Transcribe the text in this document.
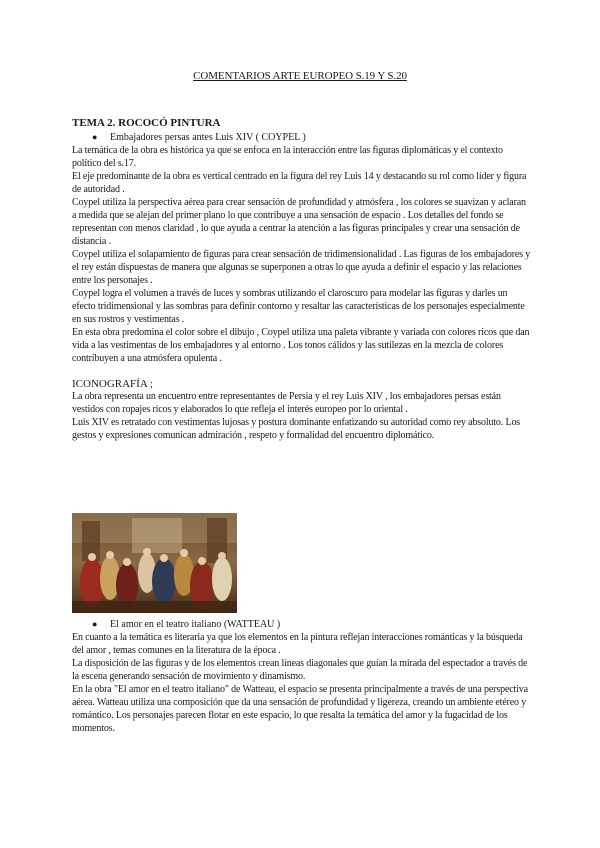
COMENTARIOS ARTE EUROPEO S.19 Y S.20
TEMA 2. ROCOCÓ PINTURA
● Embajadores persas antes Luis XIV ( COYPEL )

La temática de la obra es histórica ya que se enfoca en la interacción entre las figuras diplomáticas y el contexto político del s.17.

El eje predominante de la obra es vertical centrado en la figura del rey Luis 14 y destacando su rol como líder y figura de autoridad .

Coypel utiliza la perspectiva aérea para crear sensación de profundidad y atmósfera , los colores se suavizan y aclaran a medida que se alejan del primer plano lo que contribuye a una sensación de espacio . Los detalles del fondo se representan con menos claridad , lo que ayuda a centrar la atención a las figuras principales y crear una sensación de distancia .

Coypel utiliza el solapamiento de figuras para crear sensación de tridimensionalidad . Las figuras de los embajadores y el rey están dispuestas de manera que algunas se superponen a otras lo que ayuda a definir el espacio y las relaciones entre los personajes .

Coypel logra el volumen a través de luces y sombras utilizando el claroscuro para modelar las figuras y darles un efecto tridimensional y las sombras para definir contorno y resaltar las características de los personajes especialmente en sus rostros y vestimentas .

En esta obra predomina el color sobre el dibujo , Coypel utiliza una paleta vibrante y variada con colores ricos que dan vida a las vestimentas de los embajadores y al entorno . Los tonos cálidos y las sutilezas en la mezcla de colores contribuyen a una atmósfera opulenta .

ICONOGRAFÍA ;

La obra representa un encuentro entre representantes de Persia y el rey Luis XIV , los embajadores persas están vestidos con ropajes ricos y elaborados lo que refleja el interés europeo por lo oriental .

Luis XIV es retratado con vestimentas lujosas y postura dominante enfatizando su autoridad como rey absoluto. Los gestos y expresiones comunican admiración , respeto y formalidad del encuentro diplomático.

● El amor en el teatro italiano (WATTEAU )

En cuanto a la temática es literaria ya que los elementos en la pintura reflejan interacciones románticas y la búsqueda del amor , temas comunes en la literatura de la época .

La disposición de las figuras y de los elementos crean líneas diagonales que guían la mirada del espectador a través de la escena generando sensación de movimiento y dinamismo.

En la obra "El amor en el teatro italiano" de Watteau, el espacio se presenta principalmente a través de una perspectiva aérea. Watteau utiliza una composición que da una sensación de profundidad y ligereza, creando un ambiente etéreo y romántico. Los personajes parecen flotar en este espacio, lo que resalta la temática del amor y la fugacidad de los momentos.
